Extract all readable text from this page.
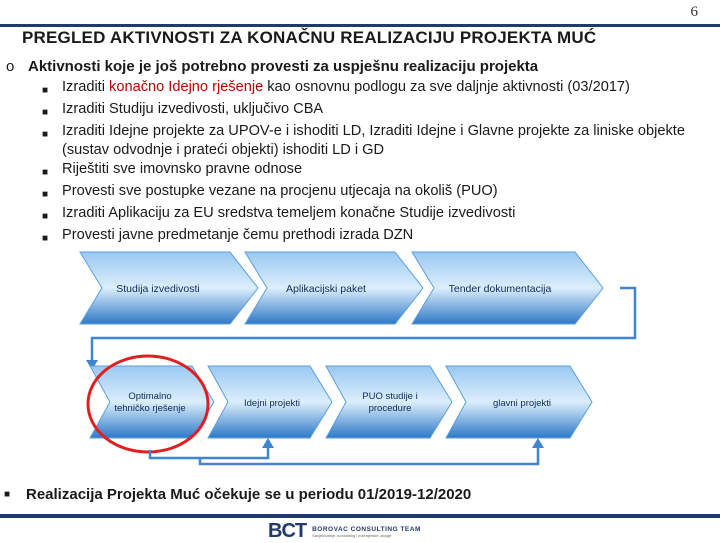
6
PREGLED AKTIVNOSTI ZA KONAČNU REALIZACIJU PROJEKTA MUĆ
o Aktivnosti koje je još potrebno provesti za uspješnu realizaciju projekta
■ Izraditi konačno Idejno rješenje kao osnovnu podlogu za sve daljnje aktivnosti (03/2017)
■ Izraditi Studiju izvedivosti, uključivo CBA
■ Izraditi Idejne projekte za UPOV-e i ishoditi LD, Izraditi Idejne i Glavne projekte za liniske objekte (sustav odvodnje i prateći objekti) ishoditi LD i GD
■ Riještiti sve imovnsko pravne odnose
■ Provesti sve postupke vezane na procjenu utjecaja na okoliš (PUO)
■ Izraditi Aplikaciju za EU sredstva temeljem konačne Studije izvedivosti
■ Provesti javne predmetanje čemu prethodi izrada DZN
Studija izvedivosti	Aplikacijski paket	Tender dokumentacija
Optimalno
tehničko rješenje	Idejni projekti
PUO studije i
procedure	glavni projekti
■	Realizacija Projekta Muć očekuje se u periodu 01/2019-12/2020
BCT BOROVAC CONSULTING TEAM
Savjetovanje, konzalting i inženjerske usluge
